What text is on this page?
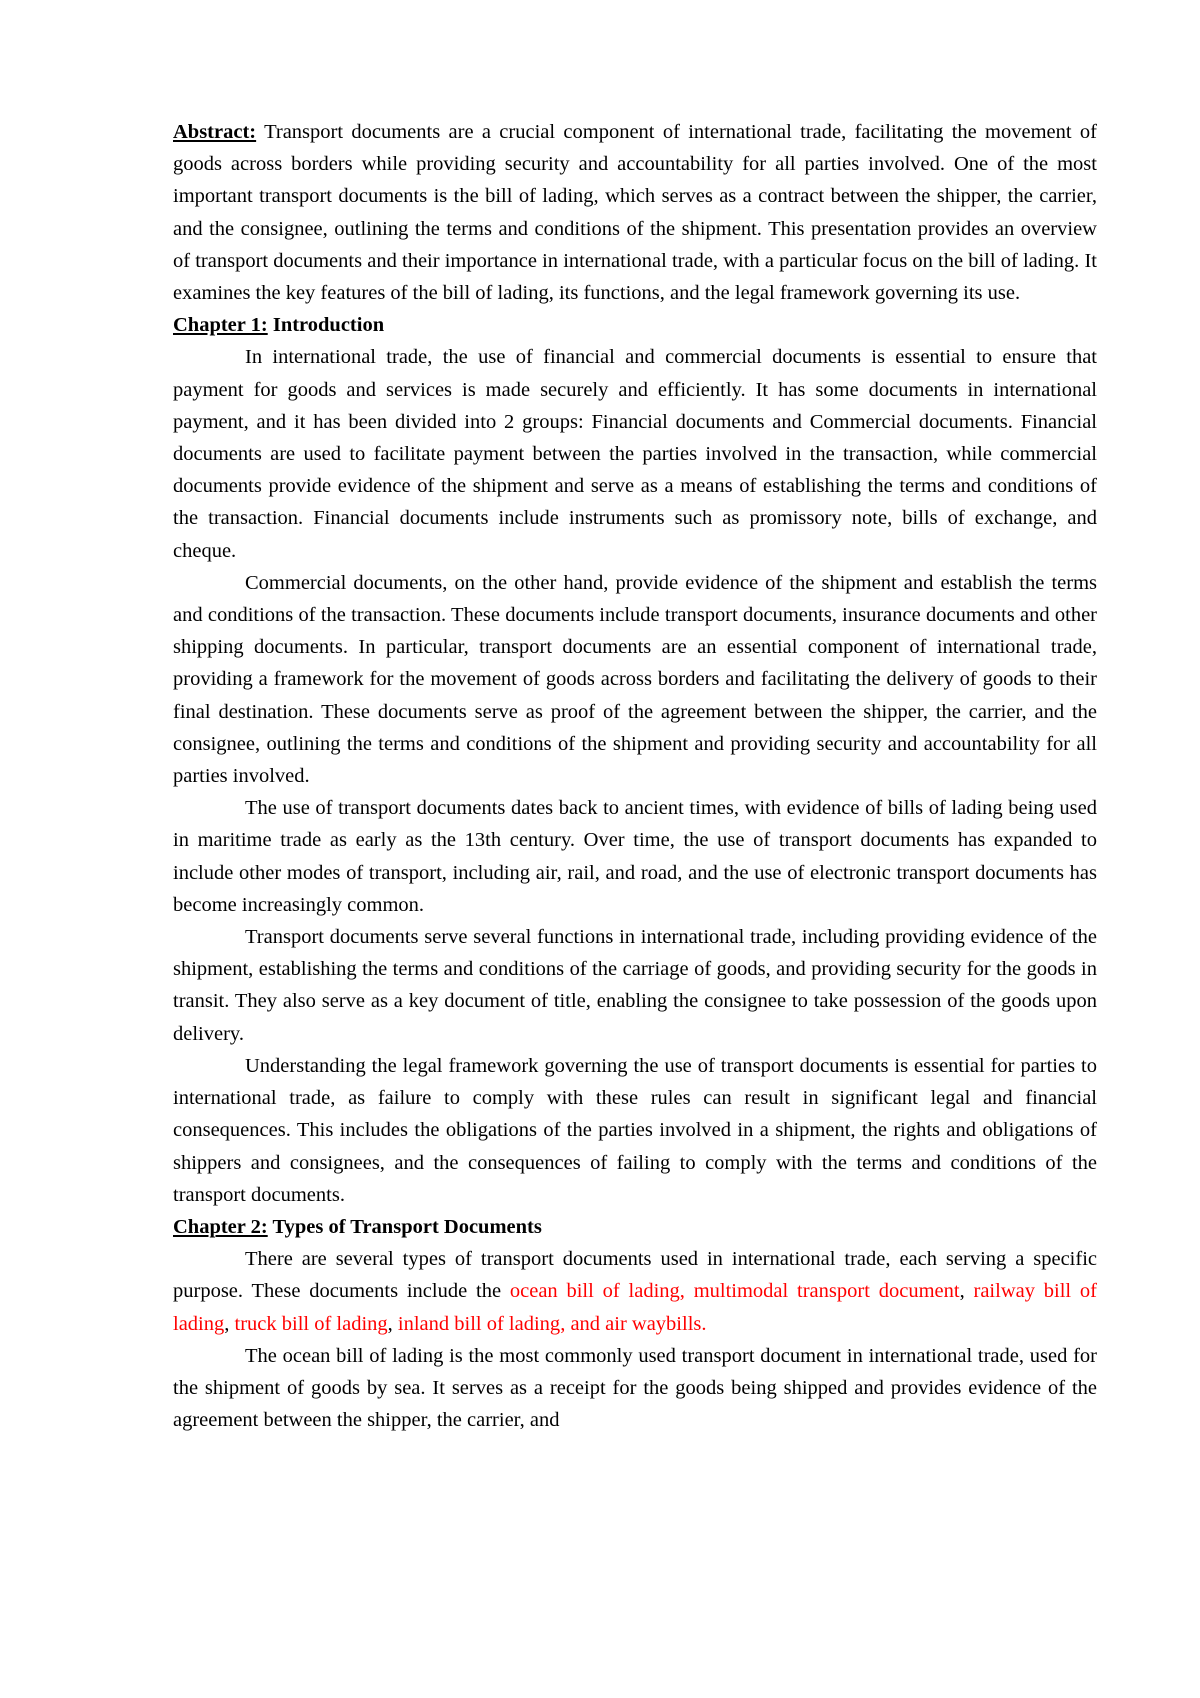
Abstract: Transport documents are a crucial component of international trade, facilitating the movement of goods across borders while providing security and accountability for all parties involved. One of the most important transport documents is the bill of lading, which serves as a contract between the shipper, the carrier, and the consignee, outlining the terms and conditions of the shipment. This presentation provides an overview of transport documents and their importance in international trade, with a particular focus on the bill of lading. It examines the key features of the bill of lading, its functions, and the legal framework governing its use.

Chapter 1: Introduction

In international trade, the use of financial and commercial documents is essential to ensure that payment for goods and services is made securely and efficiently. It has some documents in international payment, and it has been divided into 2 groups: Financial documents and Commercial documents. Financial documents are used to facilitate payment between the parties involved in the transaction, while commercial documents provide evidence of the shipment and serve as a means of establishing the terms and conditions of the transaction. Financial documents include instruments such as promissory note, bills of exchange, and cheque.

Commercial documents, on the other hand, provide evidence of the shipment and establish the terms and conditions of the transaction. These documents include transport documents, insurance documents and other shipping documents. In particular, transport documents are an essential component of international trade, providing a framework for the movement of goods across borders and facilitating the delivery of goods to their final destination. These documents serve as proof of the agreement between the shipper, the carrier, and the consignee, outlining the terms and conditions of the shipment and providing security and accountability for all parties involved.

The use of transport documents dates back to ancient times, with evidence of bills of lading being used in maritime trade as early as the 13th century. Over time, the use of transport documents has expanded to include other modes of transport, including air, rail, and road, and the use of electronic transport documents has become increasingly common.

Transport documents serve several functions in international trade, including providing evidence of the shipment, establishing the terms and conditions of the carriage of goods, and providing security for the goods in transit. They also serve as a key document of title, enabling the consignee to take possession of the goods upon delivery.

Understanding the legal framework governing the use of transport documents is essential for parties to international trade, as failure to comply with these rules can result in significant legal and financial consequences. This includes the obligations of the parties involved in a shipment, the rights and obligations of shippers and consignees, and the consequences of failing to comply with the terms and conditions of the transport documents.

Chapter 2: Types of Transport Documents

There are several types of transport documents used in international trade, each serving a specific purpose. These documents include the ocean bill of lading, multimodal transport document, railway bill of lading, truck bill of lading, inland bill of lading, and air waybills.

The ocean bill of lading is the most commonly used transport document in international trade, used for the shipment of goods by sea. It serves as a receipt for the goods being shipped and provides evidence of the agreement between the shipper, the carrier, and
